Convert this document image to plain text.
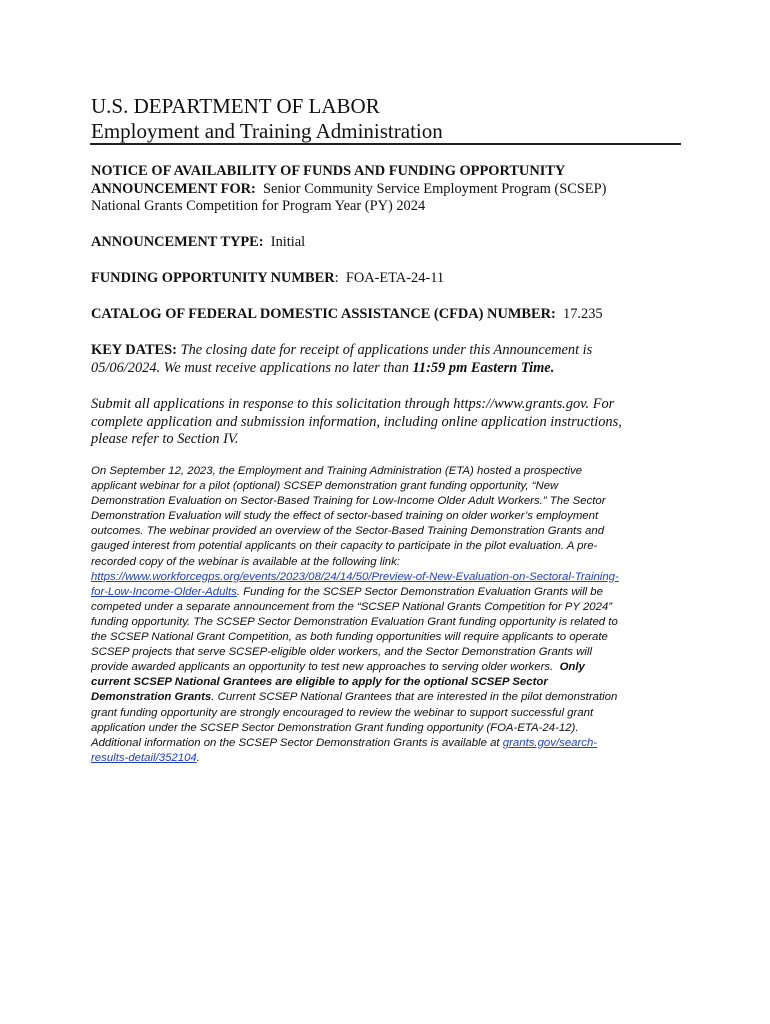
U.S. DEPARTMENT OF LABOR
Employment and Training Administration
NOTICE OF AVAILABILITY OF FUNDS AND FUNDING OPPORTUNITY
ANNOUNCEMENT FOR: Senior Community Service Employment Program (SCSEP)
National Grants Competition for Program Year (PY) 2024
ANNOUNCEMENT TYPE: Initial
FUNDING OPPORTUNITY NUMBER: FOA-ETA-24-11
CATALOG OF FEDERAL DOMESTIC ASSISTANCE (CFDA) NUMBER: 17.235
KEY DATES: The closing date for receipt of applications under this Announcement is
05/06/2024. We must receive applications no later than 11:59 pm Eastern Time.
Submit all applications in response to this solicitation through https://www.grants.gov. For
complete application and submission information, including online application instructions,
please refer to Section IV.
On September 12, 2023, the Employment and Training Administration (ETA) hosted a prospective
applicant webinar for a pilot (optional) SCSEP demonstration grant funding opportunity, “New
Demonstration Evaluation on Sector-Based Training for Low-Income Older Adult Workers.” The Sector
Demonstration Evaluation will study the effect of sector-based training on older worker’s employment
outcomes. The webinar provided an overview of the Sector-Based Training Demonstration Grants and
gauged interest from potential applicants on their capacity to participate in the pilot evaluation. A pre-
recorded copy of the webinar is available at the following link:
https://www.workforcegps.org/events/2023/08/24/14/50/Preview-of-New-Evaluation-on-Sectoral-Training-
for-Low-Income-Older-Adults. Funding for the SCSEP Sector Demonstration Evaluation Grants will be
competed under a separate announcement from the “SCSEP National Grants Competition for PY 2024”
funding opportunity. The SCSEP Sector Demonstration Evaluation Grant funding opportunity is related to
the SCSEP National Grant Competition, as both funding opportunities will require applicants to operate
SCSEP projects that serve SCSEP-eligible older workers, and the Sector Demonstration Grants will
provide awarded applicants an opportunity to test new approaches to serving older workers. Only
current SCSEP National Grantees are eligible to apply for the optional SCSEP Sector
Demonstration Grants. Current SCSEP National Grantees that are interested in the pilot demonstration
grant funding opportunity are strongly encouraged to review the webinar to support successful grant
application under the SCSEP Sector Demonstration Grant funding opportunity (FOA-ETA-24-12).
Additional information on the SCSEP Sector Demonstration Grants is available at grants.gov/search-
results-detail/352104.
